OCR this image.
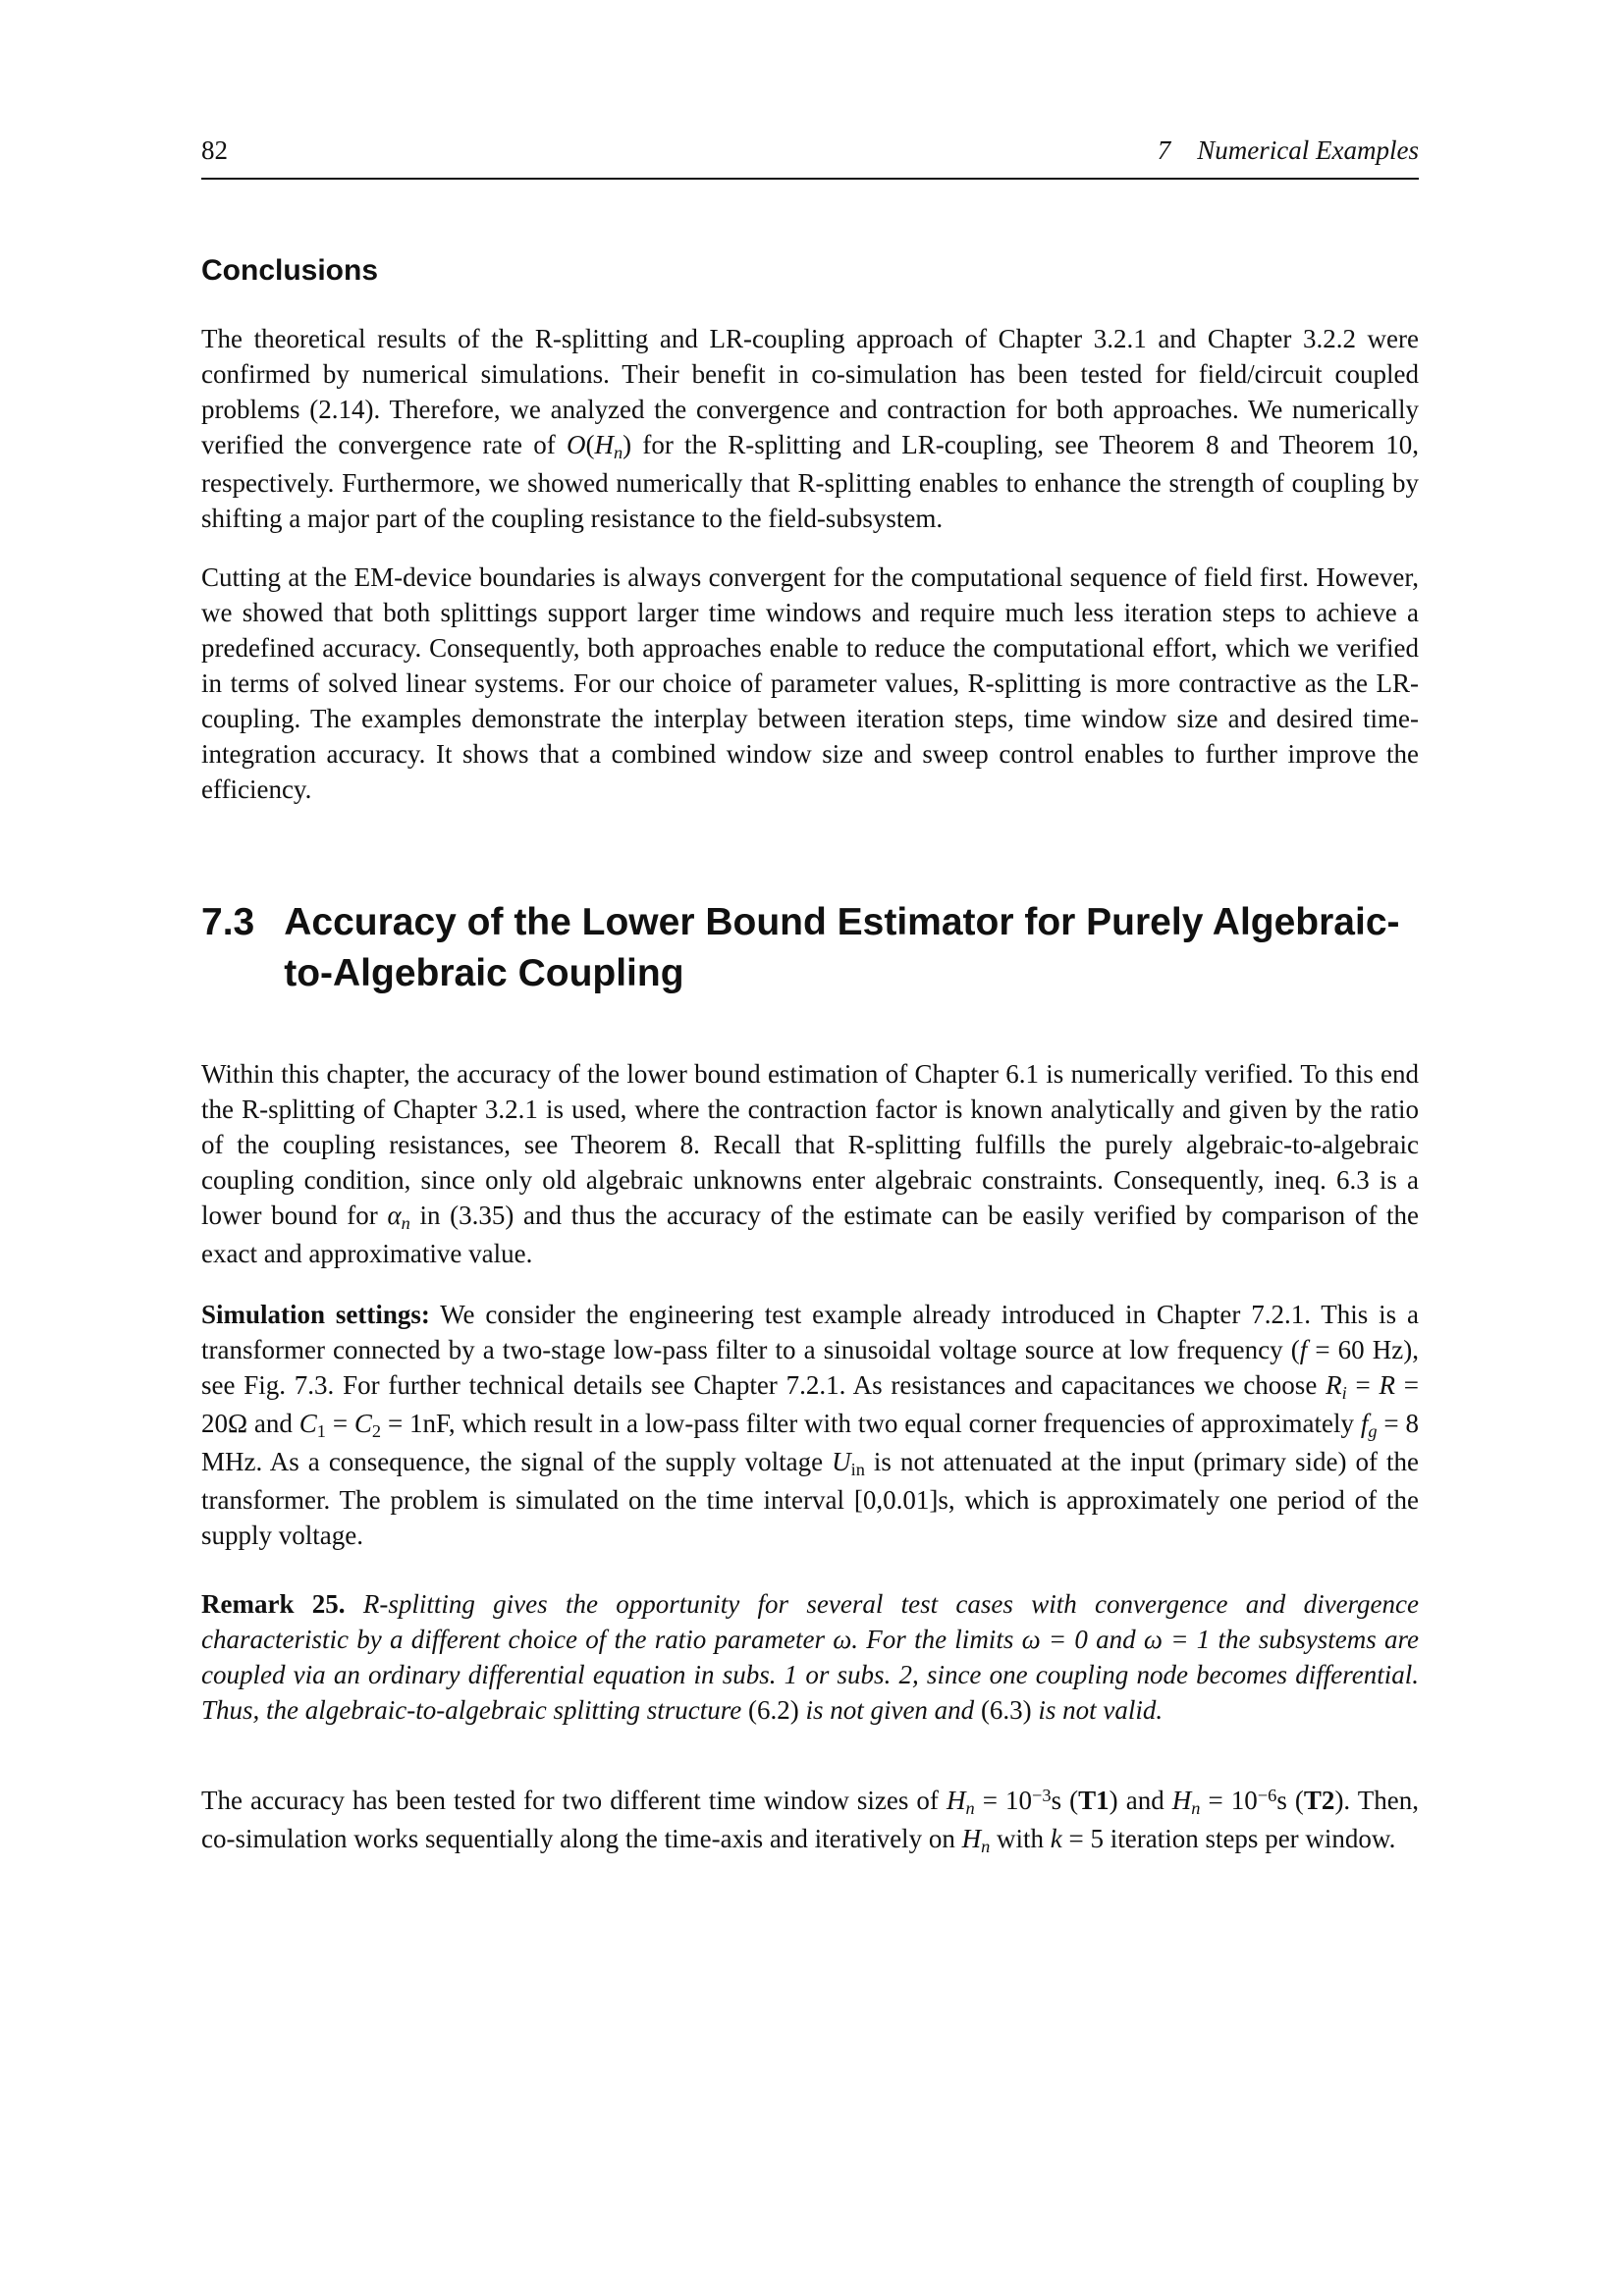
82	7 Numerical Examples
Conclusions

The theoretical results of the R-splitting and LR-coupling approach of Chapter 3.2.1 and Chapter 3.2.2 were confirmed by numerical simulations. Their benefit in co-simulation has been tested for field/circuit coupled problems (2.14). Therefore, we analyzed the convergence and contraction for both approaches. We numerically verified the convergence rate of O(Hn) for the R-splitting and LR-coupling, see Theorem 8 and Theorem 10, respectively. Furthermore, we showed numerically that R-splitting enables to enhance the strength of coupling by shifting a major part of the coupling resistance to the field-subsystem.

Cutting at the EM-device boundaries is always convergent for the computational sequence of field first. However, we showed that both splittings support larger time windows and require much less iteration steps to achieve a predefined accuracy. Consequently, both approaches enable to reduce the computational effort, which we verified in terms of solved linear systems. For our choice of parameter values, R-splitting is more contractive as the LR-coupling. The examples demonstrate the interplay between iteration steps, time window size and desired time-integration accuracy. It shows that a combined window size and sweep control enables to further improve the efficiency.

7.3 Accuracy of the Lower Bound Estimator for Purely Algebraic-to-Algebraic Coupling

Within this chapter, the accuracy of the lower bound estimation of Chapter 6.1 is numerically verified. To this end the R-splitting of Chapter 3.2.1 is used, where the contraction factor is known analytically and given by the ratio of the coupling resistances, see Theorem 8. Recall that R-splitting fulfills the purely algebraic-to-algebraic coupling condition, since only old algebraic unknowns enter algebraic constraints. Consequently, ineq. 6.3 is a lower bound for αn in (3.35) and thus the accuracy of the estimate can be easily verified by comparison of the exact and approximative value.

Simulation settings: We consider the engineering test example already introduced in Chapter 7.2.1. This is a transformer connected by a two-stage low-pass filter to a sinusoidal voltage source at low frequency (f = 60 Hz), see Fig. 7.3. For further technical details see Chapter 7.2.1. As resistances and capacitances we choose Ri = R = 20Ω and C1 = C2 = 1nF, which result in a low-pass filter with two equal corner frequencies of approximately fg = 8 MHz. As a consequence, the signal of the supply voltage Uin is not attenuated at the input (primary side) of the transformer. The problem is simulated on the time interval [0,0.01]s, which is approximately one period of the supply voltage.

Remark 25. R-splitting gives the opportunity for several test cases with convergence and divergence characteristic by a different choice of the ratio parameter ω. For the limits ω = 0 and ω = 1 the subsystems are coupled via an ordinary differential equation in subs. 1 or subs. 2, since one coupling node becomes differential. Thus, the algebraic-to-algebraic splitting structure (6.2) is not given and (6.3) is not valid.

The accuracy has been tested for two different time window sizes of $Hn = 10^{-3}s$ (T1) and $Hn = 10^{-6}s$ (T2). Then, co-simulation works sequentially along the time-axis and iteratively on Hn with k = 5 iteration steps per window.
